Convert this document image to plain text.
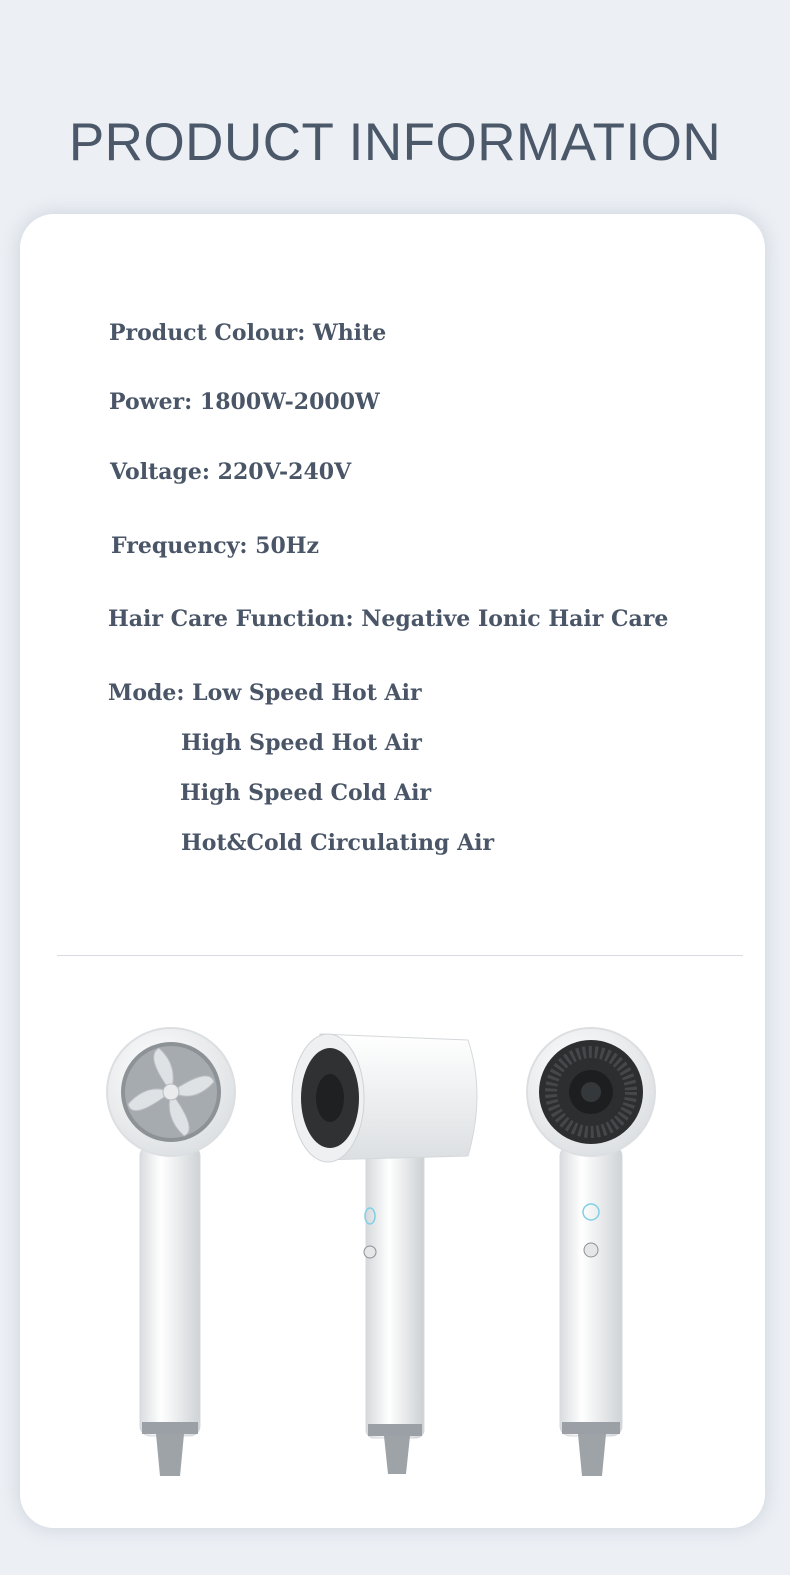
PRODUCT INFORMATION

Product Colour: White

Power: 1800W-2000W

Voltage: 220V-240V

Frequency: 50Hz

Hair Care Function: Negative Ionic Hair Care

Mode: Low Speed Hot Air

High Speed Hot Air

High Speed Cold Air

Hot&Cold Circulating Air
